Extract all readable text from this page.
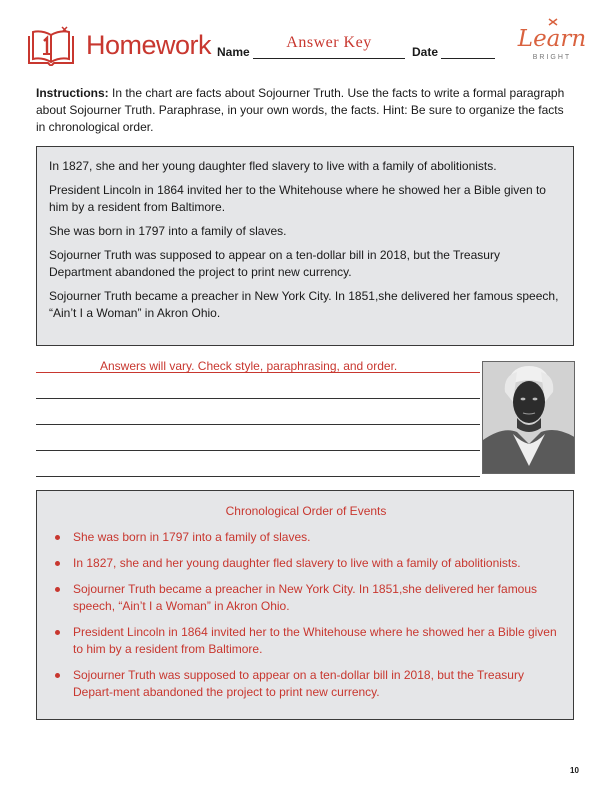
Homework Name
Answer Key
Date	Learn
BRIGHT
Instructions: In the chart are facts about Sojourner Truth. Use the facts to write a formal paragraph about Sojourner Truth. Paraphrase, in your own words, the facts. Hint: Be sure to organize the facts in chronological order.

In 1827, she and her young daughter fled slavery to live with a family of abolitionists.

President Lincoln in 1864 invited her to the Whitehouse where he showed her a Bible given to him by a resident from Baltimore.

She was born in 1797 into a family of slaves.

Sojourner Truth was supposed to appear on a ten-dollar bill in 2018, but the Treasury Department abandoned the project to print new currency.

Sojourner Truth became a preacher in New York City. In 1851,she delivered her famous speech, “Ain’t I a Woman” in Akron Ohio.

Answers will vary. Check style, paraphrasing, and order.
Chronological Order of Events
She was born in 1797 into a family of slaves.
In 1827, she and her young daughter fled slavery to live with a family of abolitionists.
Sojourner Truth became a preacher in New York City. In 1851,she delivered her famous speech, “Ain’t I a Woman” in Akron Ohio.
President Lincoln in 1864 invited her to the Whitehouse where he showed her a Bible given to him by a resident from Baltimore.
Sojourner Truth was supposed to appear on a ten-dollar bill in 2018, but the Treasury Depart-ment abandoned the project to print new currency.
10
